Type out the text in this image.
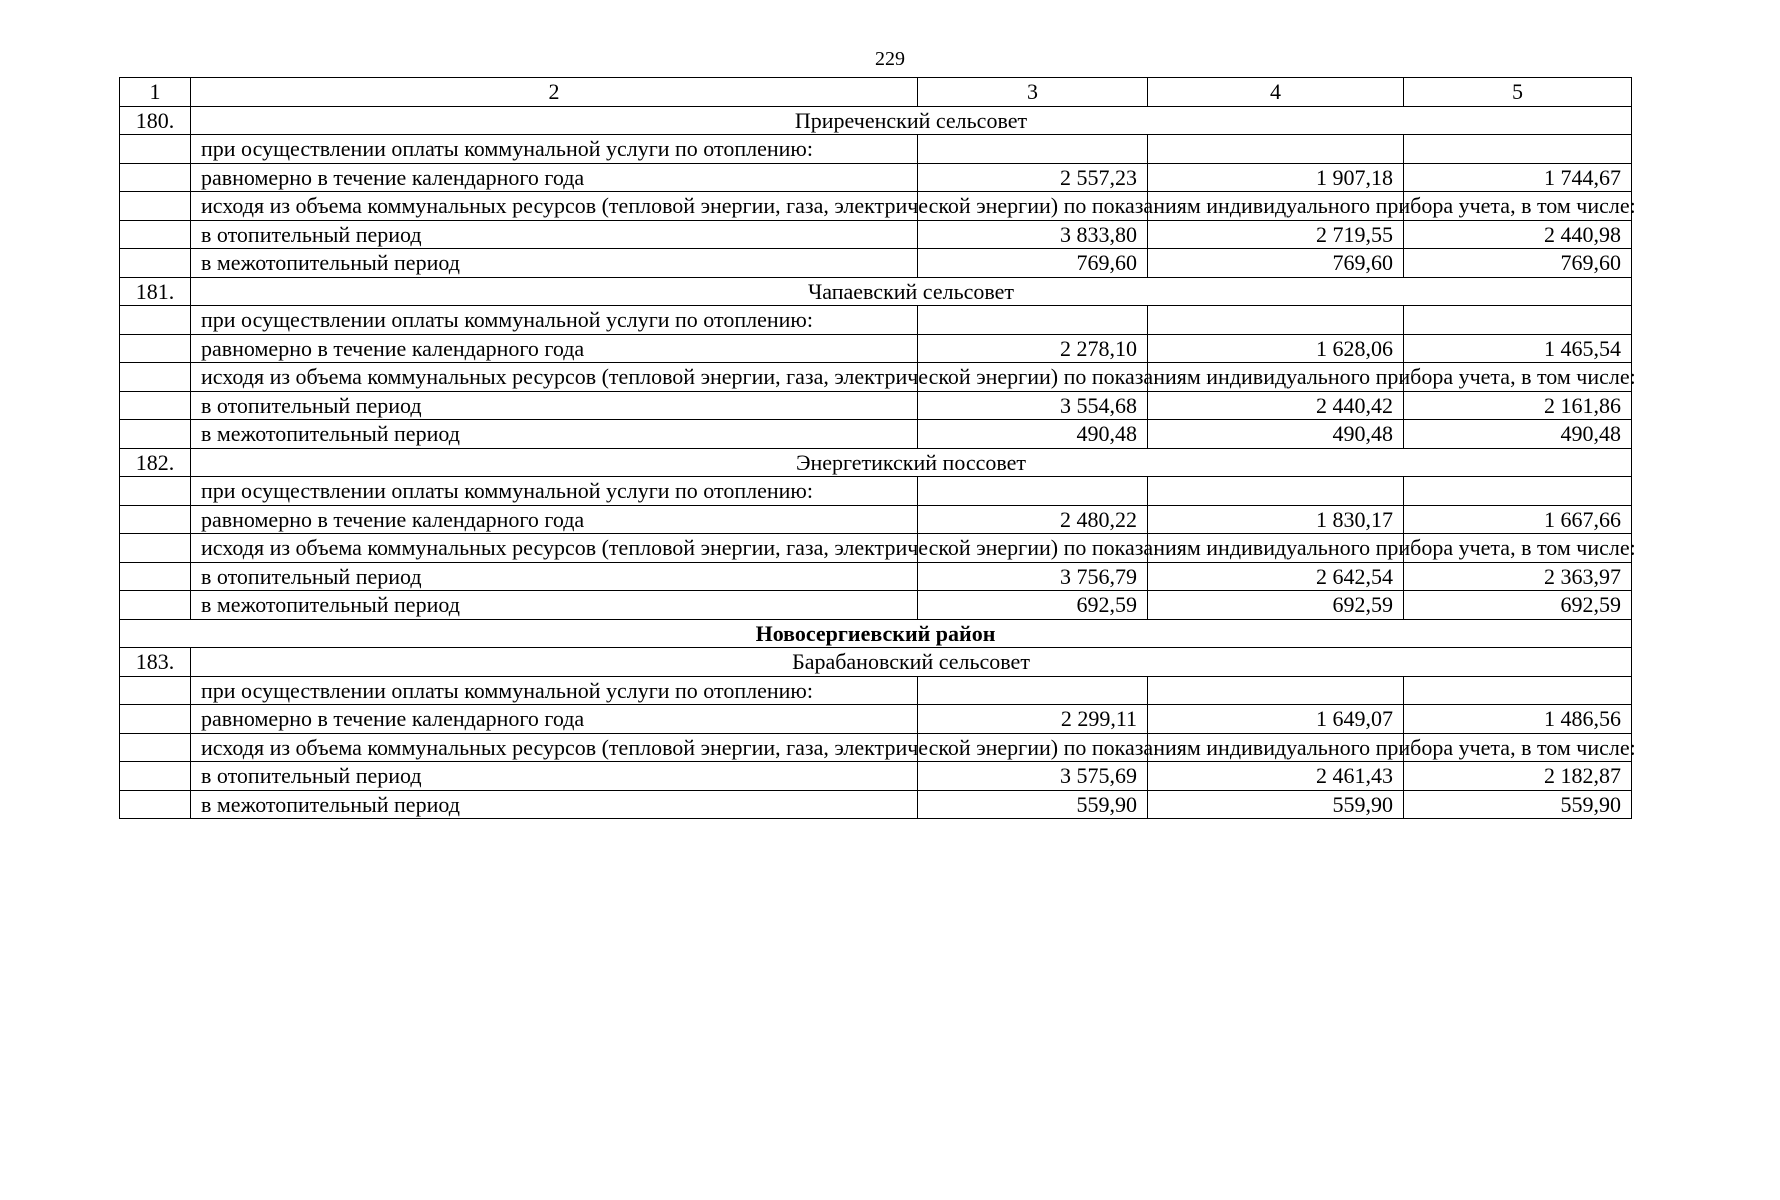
229
1	2	3	4	5
180.	Приреченский сельсовет			
	при осуществлении оплаты коммунальной услуги по отоплению:			
	равномерно в течение календарного года	2 557,23	1 907,18	1 744,67
	исходя из объема коммунальных ресурсов (тепловой энергии, газа, электрической энергии) по показаниям индивидуального прибора учета, в том числе:			
	в отопительный период	3 833,80	2 719,55	2 440,98
	в межотопительный период	769,60	769,60	769,60
181.	Чапаевский сельсовет			
	при осуществлении оплаты коммунальной услуги по отоплению:			
	равномерно в течение календарного года	2 278,10	1 628,06	1 465,54
	исходя из объема коммунальных ресурсов (тепловой энергии, газа, электрической энергии) по показаниям индивидуального прибора учета, в том числе:			
	в отопительный период	3 554,68	2 440,42	2 161,86
	в межотопительный период	490,48	490,48	490,48
182.	Энергетикский поссовет			
	при осуществлении оплаты коммунальной услуги по отоплению:			
	равномерно в течение календарного года	2 480,22	1 830,17	1 667,66
	исходя из объема коммунальных ресурсов (тепловой энергии, газа, электрической энергии) по показаниям индивидуального прибора учета, в том числе:			
	в отопительный период	3 756,79	2 642,54	2 363,97
	в межотопительный период	692,59	692,59	692,59
Новосергиевский район				
183.	Барабановский сельсовет			
	при осуществлении оплаты коммунальной услуги по отоплению:			
	равномерно в течение календарного года	2 299,11	1 649,07	1 486,56
	исходя из объема коммунальных ресурсов (тепловой энергии, газа, электрической энергии) по показаниям индивидуального прибора учета, в том числе:			
	в отопительный период	3 575,69	2 461,43	2 182,87
	в межотопительный период	559,90	559,90	559,90
